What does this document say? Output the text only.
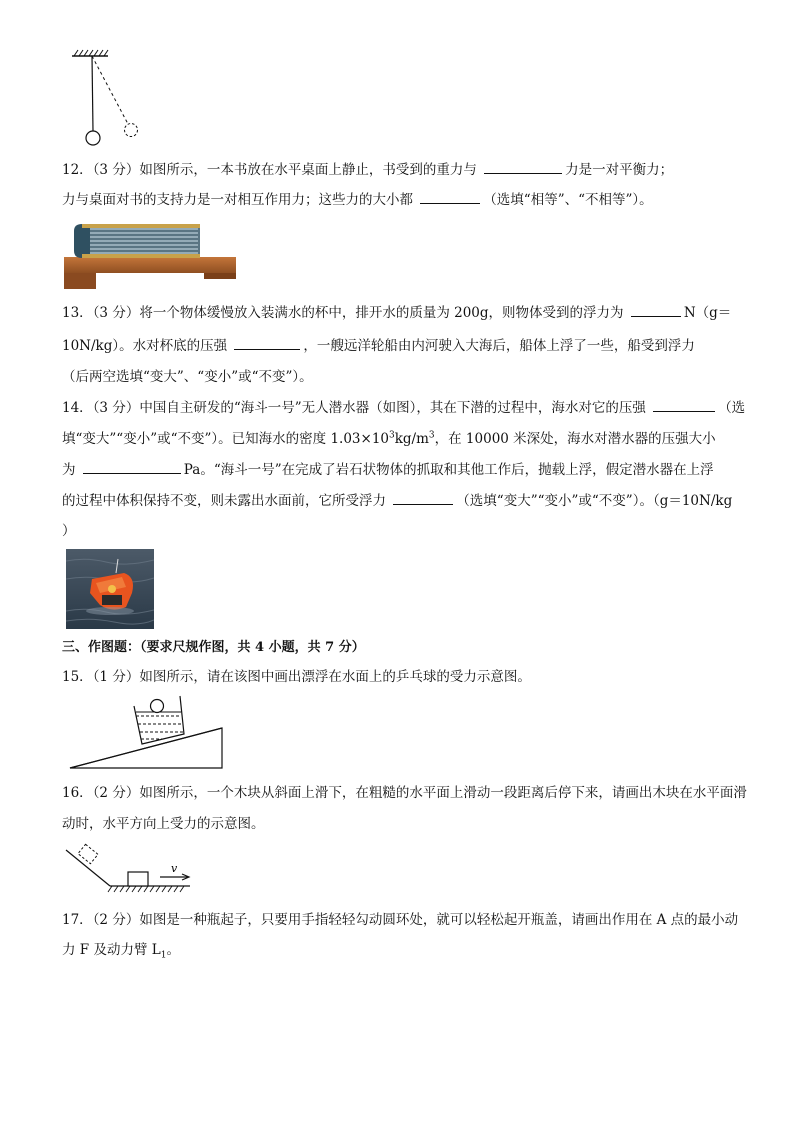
12．（3 分）如图所示，一本书放在水平桌面上静止，书受到的重力与	力是一对平衡力；
力与桌面对书的支持力是一对相互作用力；这些力的大小都	（选填“相等”、“不相等”）。
13．（3 分）将一个物体缓慢放入装满水的杯中，排开水的质量为 200g，则物体受到的浮力为	N（g＝
10N/kg）。水对杯底的压强	，一艘远洋轮船由内河驶入大海后，船体上浮了一些，船受到浮力
（后两空选填“变大”、“变小”或“不变”）。
14．（3 分）中国自主研发的“海斗一号”无人潜水器（如图），其在下潜的过程中，海水对它的压强	（选
填“变大”“变小”或“不变”）。已知海水的密度 $1.03\times 10^3kg/m^3$，在 10000 米深处，海水对潜水器的压强大小
为	Pa。“海斗一号”在完成了岩石状物体的抓取和其他工作后，抛载上浮，假定潜水器在上浮
的过程中体积保持不变，则未露出水面前，它所受浮力	（选填“变大”“变小”或“不变”）。（g＝10N/kg
）
三、作图题：（要求尺规作图，共 4 小题，共 7 分）
15．（1 分）如图所示，请在该图中画出漂浮在水面上的乒乓球的受力示意图。
16．（2 分）如图所示，一个木块从斜面上滑下，在粗糙的水平面上滑动一段距离后停下来，请画出木块在水平面滑
动时，水平方向上受力的示意图。
v
17．（2 分）如图是一种瓶起子，只要用手指轻轻勾动圆环处，就可以轻松起开瓶盖，请画出作用在 A 点的最小动
力 F 及动力臂 $L_1$。
